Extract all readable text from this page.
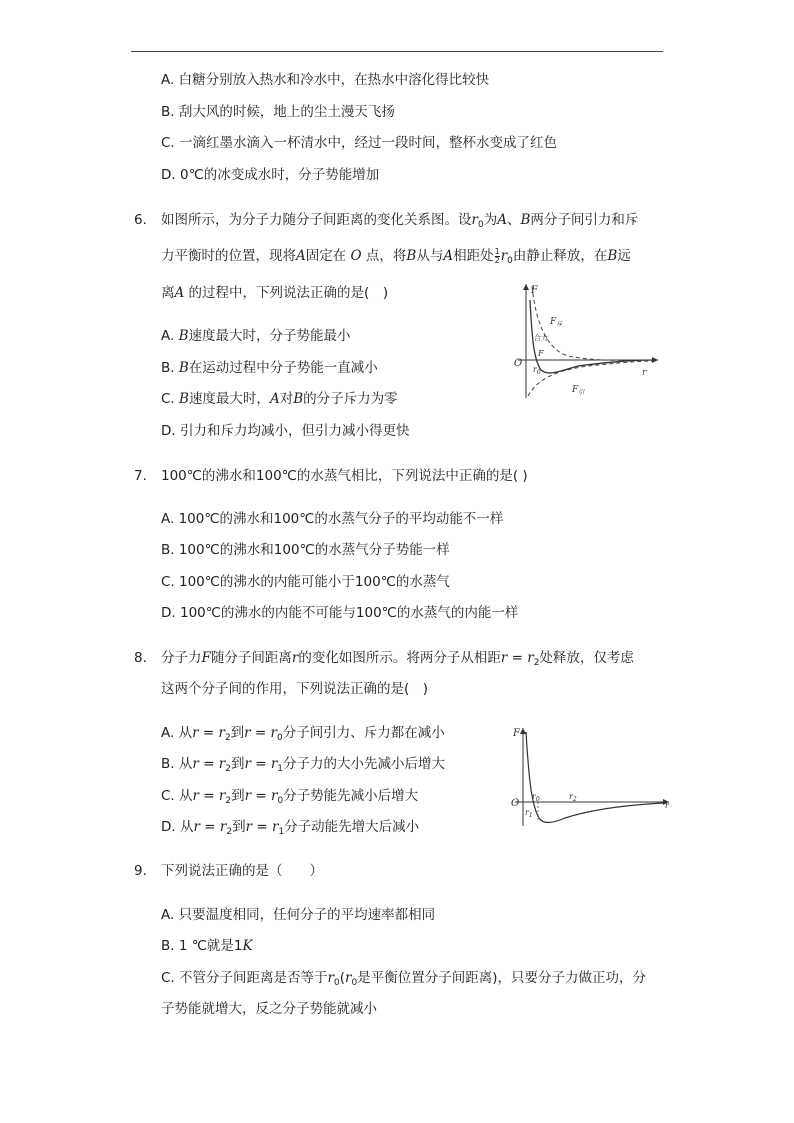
A. 白糖分别放入热水和冷水中，在热水中溶化得比较快
B. 刮大风的时候，地上的尘土漫天飞扬
C. 一滴红墨水滴入一杯清水中，经过一段时间，整杯水变成了红色
D. 0℃的冰变成水时，分子势能增加
6. 如图所示，为分子力随分子间距离的变化关系图。设$r_0$为A、B两分子间引力和斥
力平衡时的位置，现将A固定在 O 点，将B从与A相距处 $\frac{1}{2} r_0$由静止释放，在B远
离A 的过程中，下列说法正确的是(　)
A. B速度最大时，分子势能最小
B. B在运动过程中分子势能一直减小
C. B速度最大时，A对B的分子斥力为零
D. 引力和斥力均减小，但引力减小得更快
F
O
r
$r_0$
$F_斥$
$F_引$
合力
F
7. 100℃的沸水和100℃的水蒸气相比，下列说法中正确的是( )
A. 100℃的沸水和100℃的水蒸气分子的平均动能不一样
B. 100℃的沸水和100℃的水蒸气分子势能一样
C. 100℃的沸水的内能可能小于100℃的水蒸气
D. 100℃的沸水的内能不可能与100℃的水蒸气的内能一样
8. 分子力F随分子间距离r的变化如图所示。将两分子从相距$r = r_2$处释放，仅考虑
这两个分子间的作用，下列说法正确的是(　)
A. 从$r = r_2$到$r = r_0$分子间引力、斥力都在减小
B. 从$r = r_2$到$r = r_1$分子力的大小先减小后增大
C. 从$r = r_2$到$r = r_0$分子势能先减小后增大
D. 从$r = r_2$到$r = r_1$分子动能先增大后减小
F
O	r
$r_0$
$r_1$
$r_2$
9. 下列说法正确的是（　　）
A. 只要温度相同，任何分子的平均速率都相同
B. 1 ℃就是1K
C. 不管分子间距离是否等于$r_0(r_0$是平衡位置分子间距离)，只要分子力做正功，分
子势能就增大，反之分子势能就减小
